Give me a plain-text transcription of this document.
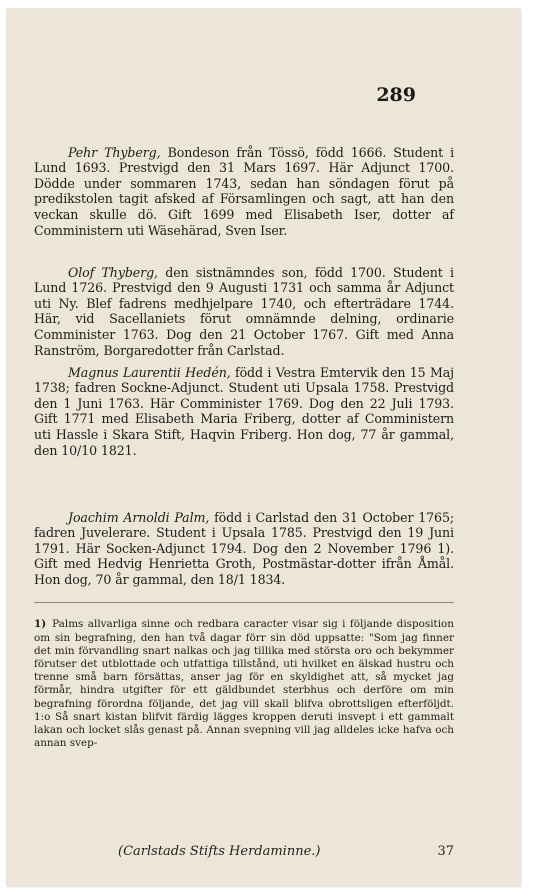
289

Pehr Thyberg, Bondeson från Tössö, född 1666. Student i Lund 1693. Prestvigd den 31 Mars 1697. Här Adjunct 1700. Dödde under sommaren 1743, sedan han söndagen förut på predikstolen tagit afsked af Församlingen och sagt, att han den veckan skulle dö. Gift 1699 med Elisabeth Iser, dotter af Comministern uti Wäsehärad, Sven Iser.

Olof Thyberg, den sistnämndes son, född 1700. Student i Lund 1726. Prestvigd den 9 Augusti 1731 och samma år Adjunct uti Ny. Blef fadrens medhjelpare 1740, och efterträdare 1744. Här, vid Sacellaniets förut omnämnde delning, ordinarie Comminister 1763. Dog den 21 October 1767. Gift med Anna Ranström, Borgaredotter från Carlstad.

Magnus Laurentii Hedén, född i Vestra Emtervik den 15 Maj 1738; fadren Sockne-Adjunct. Student uti Upsala 1758. Prestvigd den 1 Juni 1763. Här Comminister 1769. Dog den 22 Juli 1793. Gift 1771 med Elisabeth Maria Friberg, dotter af Comministern uti Hassle i Skara Stift, Haqvin Friberg. Hon dog, 77 år gammal, den 10/10 1821.

Joachim Arnoldi Palm, född i Carlstad den 31 October 1765; fadren Juvelerare. Student i Upsala 1785. Prestvigd den 19 Juni 1791. Här Socken-Adjunct 1794. Dog den 2 November 1796 1). Gift med Hedvig Henrietta Groth, Postmästar-dotter ifrån Åmål. Hon dog, 70 år gammal, den 18/1 1834.

1) Palms allvarliga sinne och redbara caracter visar sig i följande disposition om sin begrafning, den han två dagar förr sin död uppsatte: "Som jag finner det min förvandling snart nalkas och jag tillika med största oro och bekymmer förutser det utblottade och utfattiga tillstånd, uti hvilket en älskad hustru och trenne små barn försättas, anser jag för en skyldighet att, så mycket jag förmår, hindra utgifter för ett gäldbundet sterbhus och derföre om min begrafning förordna följande, det jag vill skall blifva obrottsligen efterföljdt. 1:o Så snart kistan blifvit färdig lägges kroppen deruti insvept i ett gammalt lakan och locket slås genast på. Annan svepning vill jag alldeles icke hafva och annan svep-

(Carlstads Stifts Herdaminne.)	37
